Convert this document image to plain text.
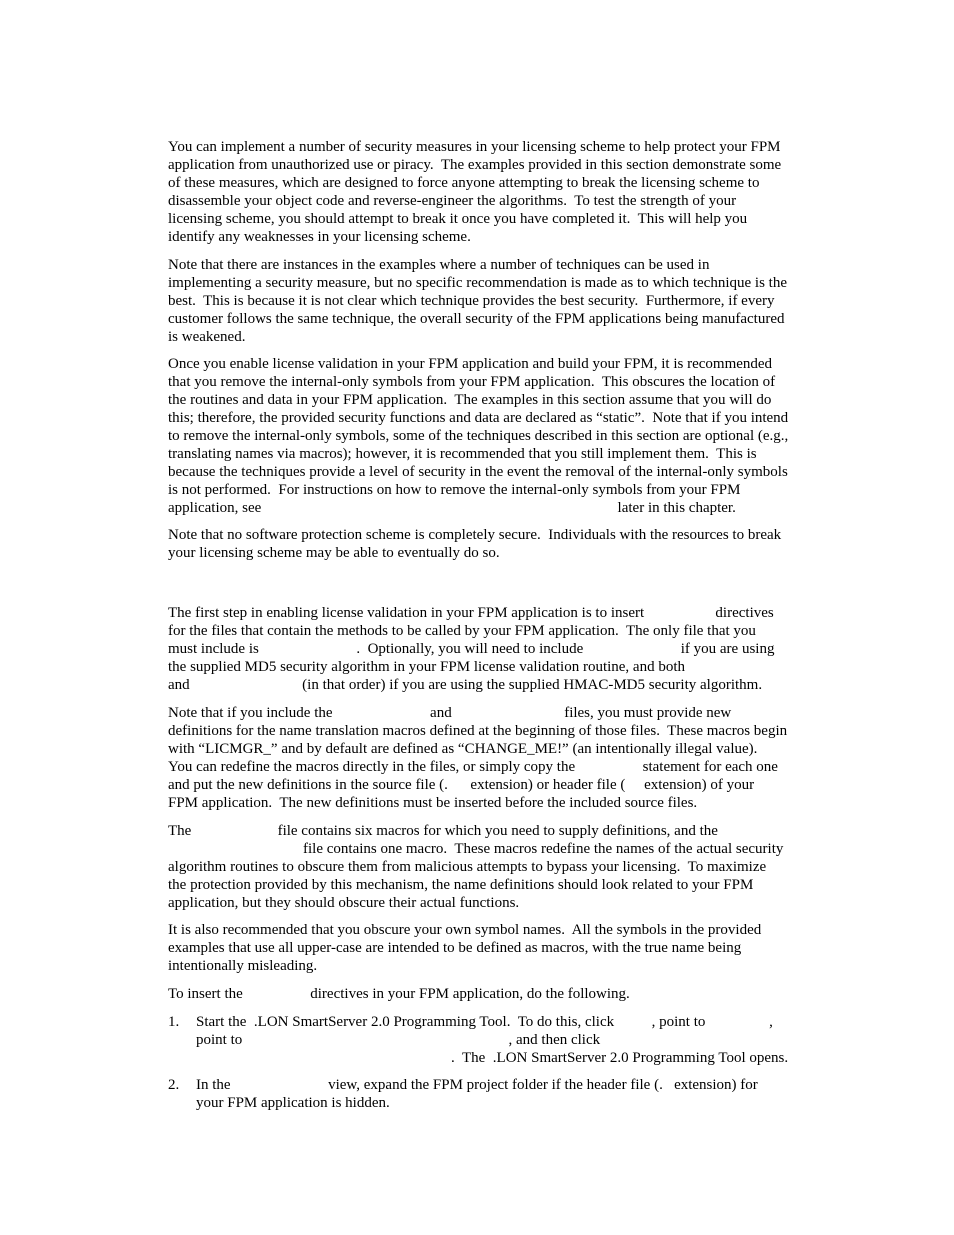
You can implement a number of security measures in your licensing scheme to help protect your FPM
application from unauthorized use or piracy.  The examples provided in this section demonstrate some
of these measures, which are designed to force anyone attempting to break the licensing scheme to
disassemble your object code and reverse-engineer the algorithms.  To test the strength of your
licensing scheme, you should attempt to break it once you have completed it.  This will help you
identify any weaknesses in your licensing scheme.
Note that there are instances in the examples where a number of techniques can be used in
implementing a security measure, but no specific recommendation is made as to which technique is the
best.  This is because it is not clear which technique provides the best security.  Furthermore, if every
customer follows the same technique, the overall security of the FPM applications being manufactured
is weakened.
Once you enable license validation in your FPM application and build your FPM, it is recommended
that you remove the internal-only symbols from your FPM application.  This obscures the location of
the routines and data in your FPM application.  The examples in this section assume that you will do
this; therefore, the provided security functions and data are declared as “static”.  Note that if you intend
to remove the internal-only symbols, some of the techniques described in this section are optional (e.g.,
translating names via macros); however, it is recommended that you still implement them.  This is
because the techniques provide a level of security in the event the removal of the internal-only symbols
is not performed.  For instructions on how to remove the internal-only symbols from your FPM
application, see                                                                                               later in this chapter.
Note that no software protection scheme is completely secure.  Individuals with the resources to break
your licensing scheme may be able to eventually do so.
The first step in enabling license validation in your FPM application is to insert                   directives
for the files that contain the methods to be called by your FPM application.  The only file that you
must include is                          .  Optionally, you will need to include                          if you are using
the supplied MD5 security algorithm in your FPM license validation routine, and both
and                              (in that order) if you are using the supplied HMAC-MD5 security algorithm.
Note that if you include the                          and                              files, you must provide new
definitions for the name translation macros defined at the beginning of those files.  These macros begin
with “LICMGR_” and by default are defined as “CHANGE_ME!” (an intentionally illegal value).
You can redefine the macros directly in the files, or simply copy the                  statement for each one
and put the new definitions in the source file (.      extension) or header file (     extension) of your
FPM application.  The new definitions must be inserted before the included source files.
The                       file contains six macros for which you need to supply definitions, and the
file contains one macro.  These macros redefine the names of the actual security
algorithm routines to obscure them from malicious attempts to bypass your licensing.  To maximize
the protection provided by this mechanism, the name definitions should look related to your FPM
application, but they should obscure their actual functions.
It is also recommended that you obscure your own symbol names.  All the symbols in the provided
examples that use all upper-case are intended to be defined as macros, with the true name being
intentionally misleading.
To insert the                  directives in your FPM application, do the following.
1. Start the  .LON SmartServer 2.0 Programming Tool.  To do this, click          , point to                 ,
point to                                                                       , and then click
.  The  .LON SmartServer 2.0 Programming Tool opens.
2. In the                          view, expand the FPM project folder if the header file (.   extension) for
your FPM application is hidden.
